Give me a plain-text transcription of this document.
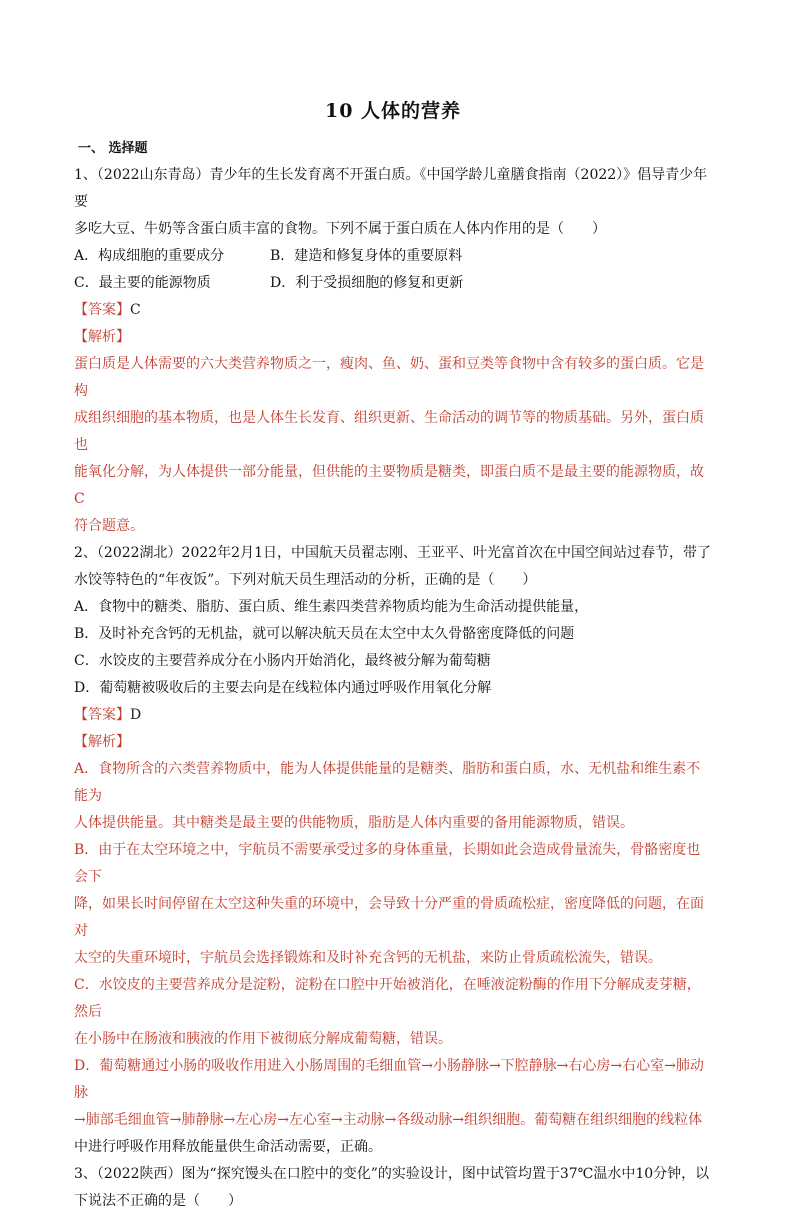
10 人体的营养
一、 选择题

1、（2022山东青岛）青少年的生长发育离不开蛋白质。《中国学龄儿童膳食指南（2022）》倡导青少年要

多吃大豆、牛奶等含蛋白质丰富的食物。下列不属于蛋白质在人体内作用的是（　　）

A．构成细胞的重要成分	B．建造和修复身体的重要原料
C．最主要的能源物质	D．利于受损细胞的修复和更新
【答案】C
【解析】

蛋白质是人体需要的六大类营养物质之一，瘦肉、鱼、奶、蛋和豆类等食物中含有较多的蛋白质。它是构

成组织细胞的基本物质，也是人体生长发育、组织更新、生命活动的调节等的物质基础。另外，蛋白质也

能氧化分解，为人体提供一部分能量，但供能的主要物质是糖类，即蛋白质不是最主要的能源物质，故C

符合题意。

2、（2022湖北）2022年2月1日，中国航天员翟志刚、王亚平、叶光富首次在中国空间站过春节，带了

水饺等特色的“年夜饭”。下列对航天员生理活动的分析，正确的是（　　）

A．食物中的糖类、脂肪、蛋白质、维生素四类营养物质均能为生命活动提供能量，

B．及时补充含钙的无机盐，就可以解决航天员在太空中太久骨骼密度降低的问题

C．水饺皮的主要营养成分在小肠内开始消化，最终被分解为葡萄糖

D．葡萄糖被吸收后的主要去向是在线粒体内通过呼吸作用氧化分解

【答案】D
【解析】

A．食物所含的六类营养物质中，能为人体提供能量的是糖类、脂肪和蛋白质，水、无机盐和维生素不能为

人体提供能量。其中糖类是最主要的供能物质，脂肪是人体内重要的备用能源物质，错误。

B．由于在太空环境之中，宇航员不需要承受过多的身体重量，长期如此会造成骨量流失，骨骼密度也会下

降，如果长时间停留在太空这种失重的环境中，会导致十分严重的骨质疏松症，密度降低的问题，在面对

太空的失重环境时，宇航员会选择锻炼和及时补充含钙的无机盐，来防止骨质疏松流失，错误。

C．水饺皮的主要营养成分是淀粉，淀粉在口腔中开始被消化，在唾液淀粉酶的作用下分解成麦芽糖，然后

在小肠中在肠液和胰液的作用下被彻底分解成葡萄糖，错误。

D．葡萄糖通过小肠的吸收作用进入小肠周围的毛细血管→小肠静脉→下腔静脉→右心房→右心室→肺动脉

→肺部毛细血管→肺静脉→左心房→左心室→主动脉→各级动脉→组织细胞。葡萄糖在组织细胞的线粒体

中进行呼吸作用释放能量供生命活动需要，正确。

3、（2022陕西）图为“探究馒头在口腔中的变化”的实验设计，图中试管均置于37℃温水中10分钟，以

下说法不正确的是（　　）
